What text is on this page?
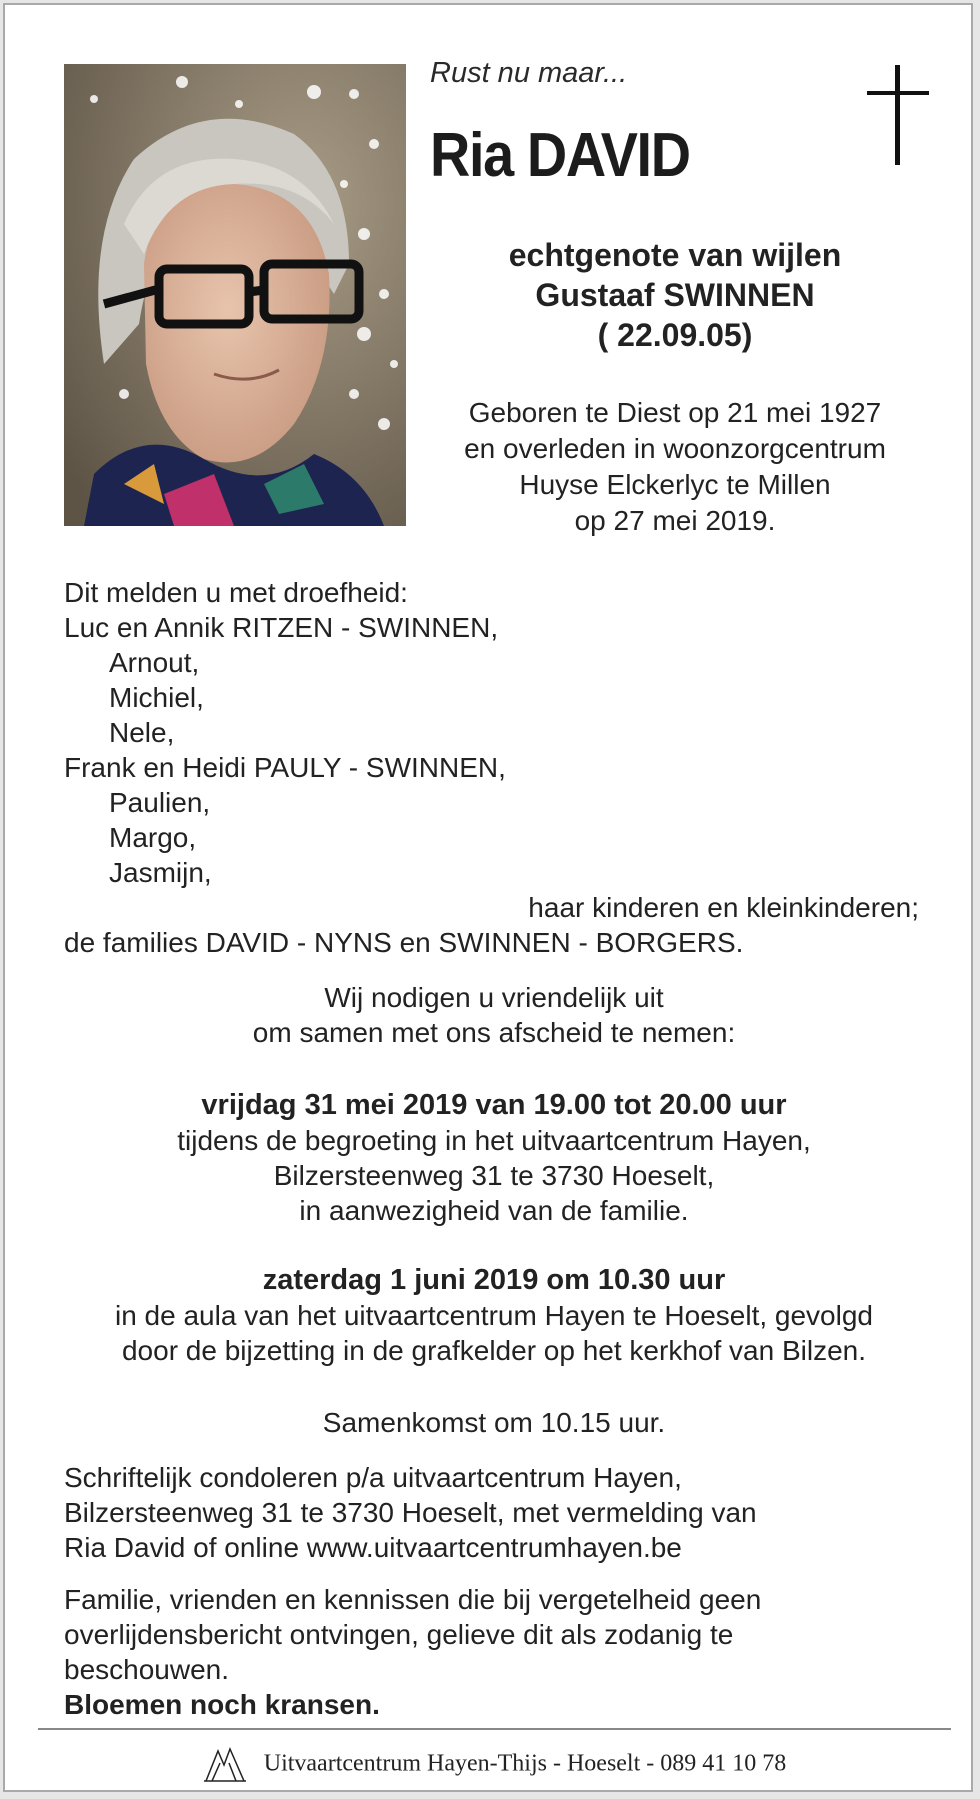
Rust nu maar...
Ria DAVID
echtgenote van wijlen
Gustaaf SWINNEN
( 22.09.05)
Geboren te Diest op 21 mei 1927
en overleden in woonzorgcentrum
Huyse Elckerlyc te Millen
op 27 mei 2019.
Dit melden u met droefheid:
Luc en Annik RITZEN - SWINNEN,
Arnout,
Michiel,
Nele,
Frank en Heidi PAULY - SWINNEN,
Paulien,
Margo,
Jasmijn,
haar kinderen en kleinkinderen;
de families DAVID - NYNS en SWINNEN - BORGERS.
Wij nodigen u vriendelijk uit
om samen met ons afscheid te nemen:
vrijdag 31 mei 2019 van 19.00 tot 20.00 uur
tijdens de begroeting in het uitvaartcentrum Hayen,
Bilzersteenweg 31 te 3730 Hoeselt,
in aanwezigheid van de familie.
zaterdag 1 juni 2019 om 10.30 uur
in de aula van het uitvaartcentrum Hayen te Hoeselt, gevolgd
door de bijzetting in de grafkelder op het kerkhof van Bilzen.
Samenkomst om 10.15 uur.
Schriftelijk condoleren p/a uitvaartcentrum Hayen,
Bilzersteenweg 31 te 3730 Hoeselt, met vermelding van
Ria David of online www.uitvaartcentrumhayen.be
Familie, vrienden en kennissen die bij vergetelheid geen
overlijdensbericht ontvingen, gelieve dit als zodanig te
beschouwen.
Bloemen noch kransen.
Uitvaartcentrum Hayen-Thijs - Hoeselt - 089 41 10 78
